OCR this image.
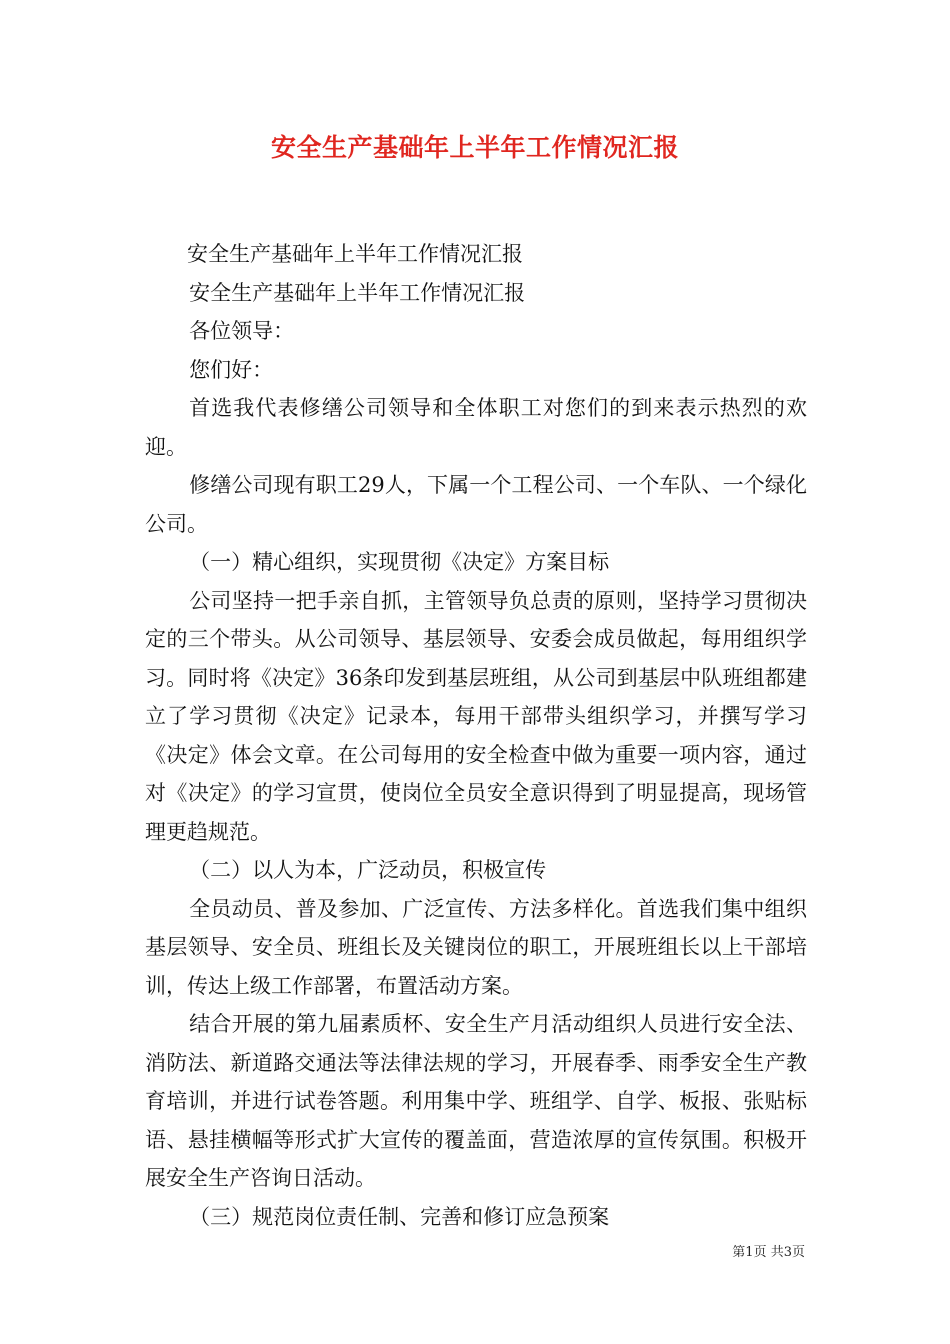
安全生产基础年上半年工作情况汇报

安全生产基础年上半年工作情况汇报

安全生产基础年上半年工作情况汇报

各位领导：

您们好：

首选我代表修缮公司领导和全体职工对您们的到来表示热烈的欢迎。

修缮公司现有职工29人，下属一个工程公司、一个车队、一个绿化公司。

（一）精心组织，实现贯彻《决定》方案目标

公司坚持一把手亲自抓，主管领导负总责的原则，坚持学习贯彻决定的三个带头。从公司领导、基层领导、安委会成员做起，每用组织学习。同时将《决定》36条印发到基层班组，从公司到基层中队班组都建立了学习贯彻《决定》记录本，每用干部带头组织学习，并撰写学习《决定》体会文章。在公司每用的安全检查中做为重要一项内容，通过对《决定》的学习宣贯，使岗位全员安全意识得到了明显提高，现场管理更趋规范。

（二）以人为本，广泛动员，积极宣传

全员动员、普及参加、广泛宣传、方法多样化。首选我们集中组织基层领导、安全员、班组长及关键岗位的职工，开展班组长以上干部培训，传达上级工作部署，布置活动方案。

结合开展的第九届素质杯、安全生产月活动组织人员进行安全法、消防法、新道路交通法等法律法规的学习，开展春季、雨季安全生产教育培训，并进行试卷答题。利用集中学、班组学、自学、板报、张贴标语、悬挂横幅等形式扩大宣传的覆盖面，营造浓厚的宣传氛围。积极开展安全生产咨询日活动。

（三）规范岗位责任制、完善和修订应急预案

第1页 共3页
